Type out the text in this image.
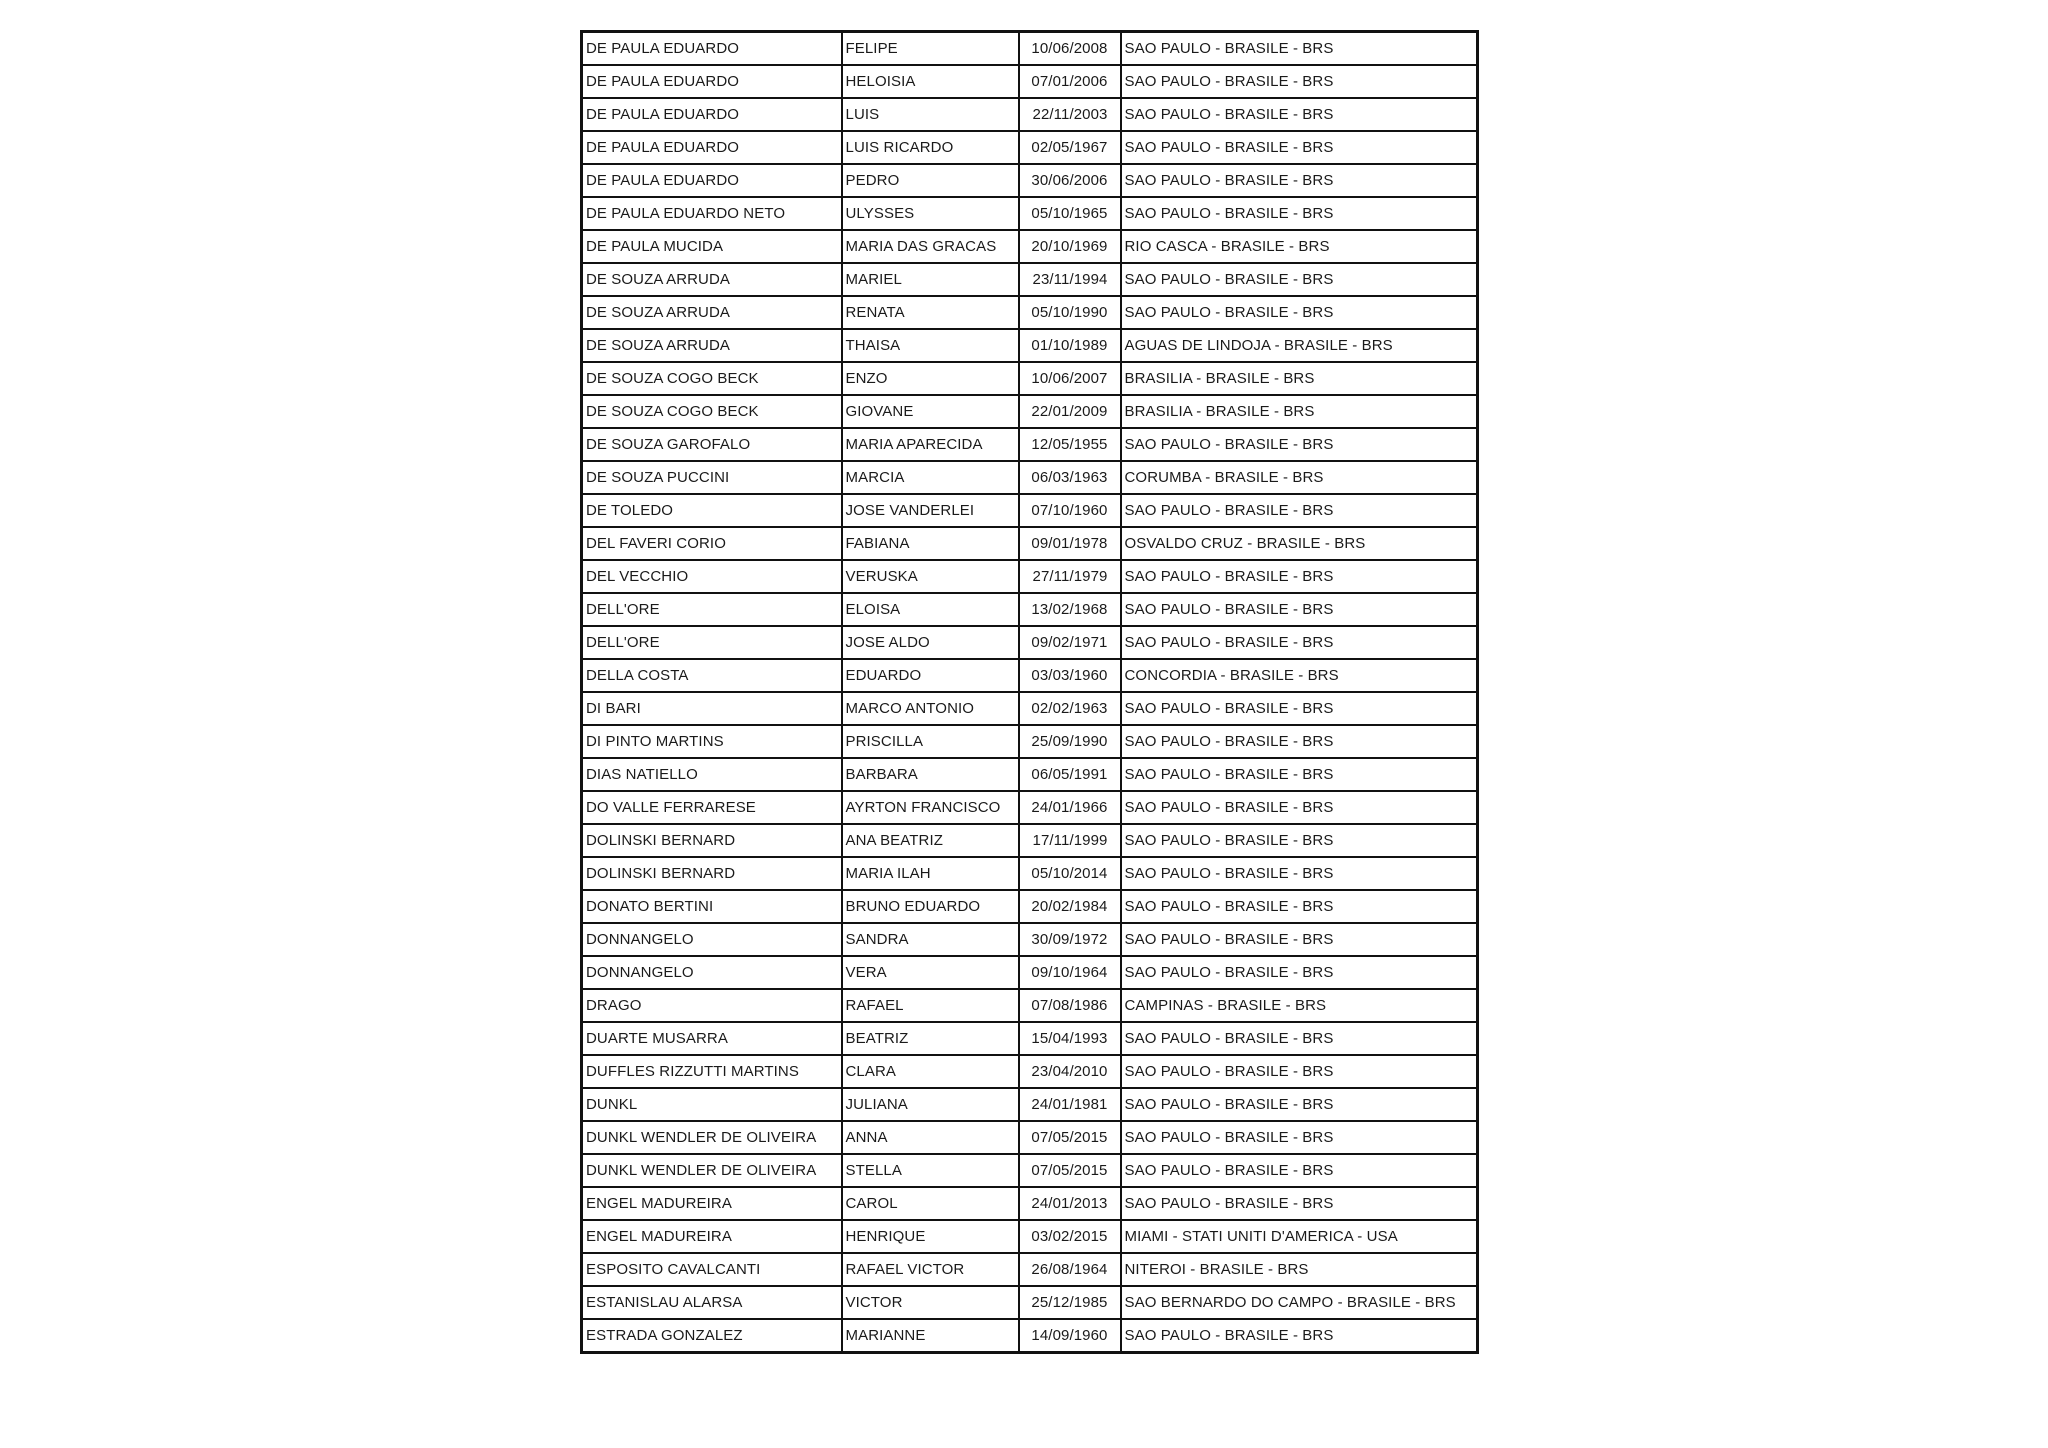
DE PAULA EDUARDO	FELIPE	10/06/2008	SAO PAULO - BRASILE - BRS
DE PAULA EDUARDO	HELOISIA	07/01/2006	SAO PAULO - BRASILE - BRS
DE PAULA EDUARDO	LUIS	22/11/2003	SAO PAULO - BRASILE - BRS
DE PAULA EDUARDO	LUIS RICARDO	02/05/1967	SAO PAULO - BRASILE - BRS
DE PAULA EDUARDO	PEDRO	30/06/2006	SAO PAULO - BRASILE - BRS
DE PAULA EDUARDO NETO	ULYSSES	05/10/1965	SAO PAULO - BRASILE - BRS
DE PAULA MUCIDA	MARIA DAS GRACAS	20/10/1969	RIO CASCA - BRASILE - BRS
DE SOUZA ARRUDA	MARIEL	23/11/1994	SAO PAULO - BRASILE - BRS
DE SOUZA ARRUDA	RENATA	05/10/1990	SAO PAULO - BRASILE - BRS
DE SOUZA ARRUDA	THAISA	01/10/1989	AGUAS DE LINDOJA - BRASILE - BRS
DE SOUZA COGO BECK	ENZO	10/06/2007	BRASILIA - BRASILE - BRS
DE SOUZA COGO BECK	GIOVANE	22/01/2009	BRASILIA - BRASILE - BRS
DE SOUZA GAROFALO	MARIA APARECIDA	12/05/1955	SAO PAULO - BRASILE - BRS
DE SOUZA PUCCINI	MARCIA	06/03/1963	CORUMBA - BRASILE - BRS
DE TOLEDO	JOSE VANDERLEI	07/10/1960	SAO PAULO - BRASILE - BRS
DEL FAVERI CORIO	FABIANA	09/01/1978	OSVALDO CRUZ - BRASILE - BRS
DEL VECCHIO	VERUSKA	27/11/1979	SAO PAULO - BRASILE - BRS
DELL'ORE	ELOISA	13/02/1968	SAO PAULO - BRASILE - BRS
DELL'ORE	JOSE ALDO	09/02/1971	SAO PAULO - BRASILE - BRS
DELLA COSTA	EDUARDO	03/03/1960	CONCORDIA - BRASILE - BRS
DI BARI	MARCO ANTONIO	02/02/1963	SAO PAULO - BRASILE - BRS
DI PINTO MARTINS	PRISCILLA	25/09/1990	SAO PAULO - BRASILE - BRS
DIAS NATIELLO	BARBARA	06/05/1991	SAO PAULO - BRASILE - BRS
DO VALLE FERRARESE	AYRTON FRANCISCO	24/01/1966	SAO PAULO - BRASILE - BRS
DOLINSKI BERNARD	ANA BEATRIZ	17/11/1999	SAO PAULO - BRASILE - BRS
DOLINSKI BERNARD	MARIA ILAH	05/10/2014	SAO PAULO - BRASILE - BRS
DONATO BERTINI	BRUNO EDUARDO	20/02/1984	SAO PAULO - BRASILE - BRS
DONNANGELO	SANDRA	30/09/1972	SAO PAULO - BRASILE - BRS
DONNANGELO	VERA	09/10/1964	SAO PAULO - BRASILE - BRS
DRAGO	RAFAEL	07/08/1986	CAMPINAS - BRASILE - BRS
DUARTE MUSARRA	BEATRIZ	15/04/1993	SAO PAULO - BRASILE - BRS
DUFFLES RIZZUTTI MARTINS	CLARA	23/04/2010	SAO PAULO - BRASILE - BRS
DUNKL	JULIANA	24/01/1981	SAO PAULO - BRASILE - BRS
DUNKL WENDLER DE OLIVEIRA	ANNA	07/05/2015	SAO PAULO - BRASILE - BRS
DUNKL WENDLER DE OLIVEIRA	STELLA	07/05/2015	SAO PAULO - BRASILE - BRS
ENGEL MADUREIRA	CAROL	24/01/2013	SAO PAULO - BRASILE - BRS
ENGEL MADUREIRA	HENRIQUE	03/02/2015	MIAMI - STATI UNITI D'AMERICA - USA
ESPOSITO CAVALCANTI	RAFAEL VICTOR	26/08/1964	NITEROI - BRASILE - BRS
ESTANISLAU ALARSA	VICTOR	25/12/1985	SAO BERNARDO DO CAMPO - BRASILE - BRS
ESTRADA GONZALEZ	MARIANNE	14/09/1960	SAO PAULO - BRASILE - BRS
